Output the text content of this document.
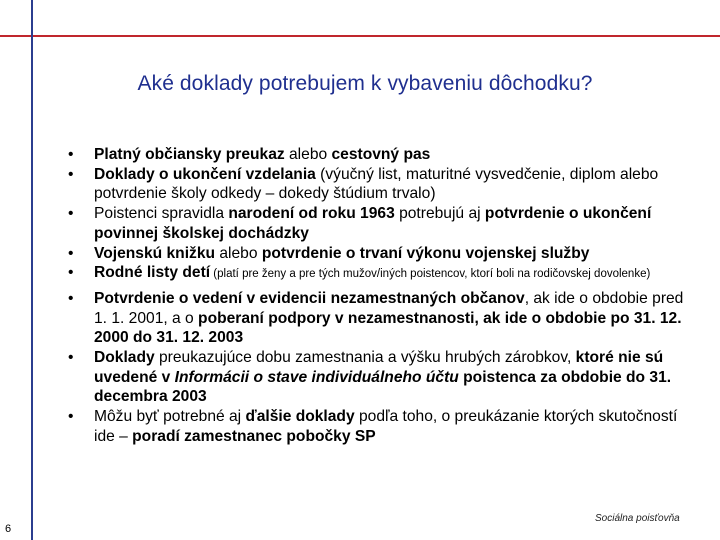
Aké doklady potrebujem k vybaveniu dôchodku?
• Platný občiansky preukaz alebo cestovný pas
• Doklady o ukončení vzdelania (výučný list, maturitné vysvedčenie, diplom alebo potvrdenie školy odkedy – dokedy štúdium trvalo)
• Poistenci spravidla narodení od roku 1963 potrebujú aj potvrdenie o ukončení povinnej školskej dochádzky
• Vojenskú knižku alebo potvrdenie o trvaní výkonu vojenskej služby
• Rodné listy detí (platí pre ženy a pre tých mužov/iných poistencov, ktorí boli na rodičovskej dovolenke)
• Potvrdenie o vedení v evidencii nezamestnaných občanov, ak ide o obdobie pred 1. 1. 2001, a o poberaní podpory v nezamestnanosti, ak ide o obdobie po 31. 12. 2000 do 31. 12. 2003
• Doklady preukazujúce dobu zamestnania a výšku hrubých zárobkov, ktoré nie sú uvedené v Informácii o stave individuálneho účtu poistenca za obdobie do 31. decembra 2003
• Môžu byť potrebné aj ďalšie doklady podľa toho, o preukázanie ktorých skutočností ide – poradí zamestnanec pobočky SP
6
Sociálna poisťovňa
